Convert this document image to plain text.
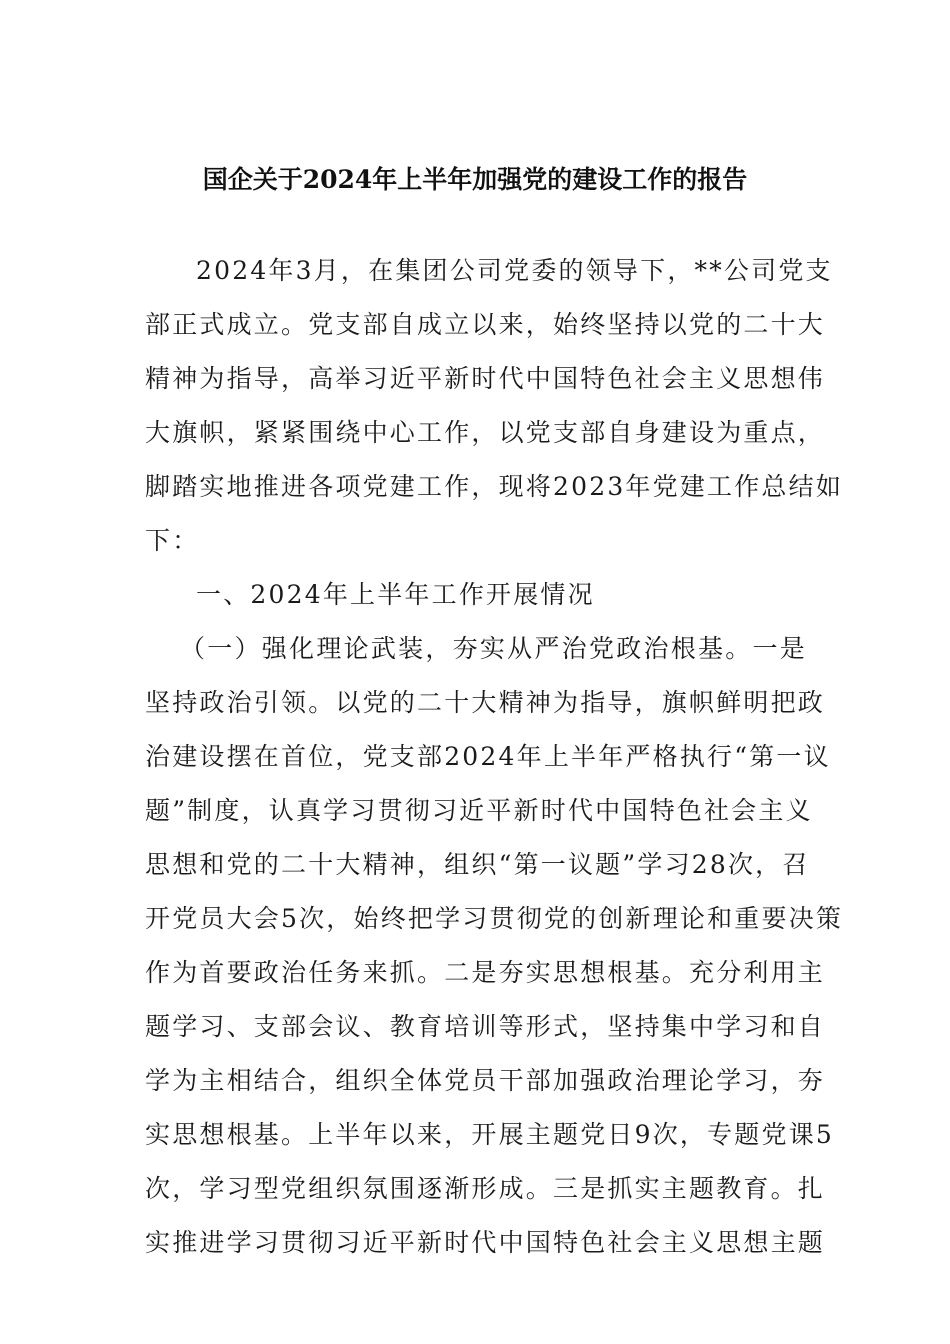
国企关于2024年上半年加强党的建设工作的报告

2024年3月，在集团公司党委的领导下，**公司党支

部正式成立。党支部自成立以来，始终坚持以党的二十大

精神为指导，高举习近平新时代中国特色社会主义思想伟

大旗帜，紧紧围绕中心工作，以党支部自身建设为重点，

脚踏实地推进各项党建工作，现将2023年党建工作总结如

下：

一、2024年上半年工作开展情况

（一）强化理论武装，夯实从严治党政治根基。一是

坚持政治引领。以党的二十大精神为指导，旗帜鲜明把政

治建设摆在首位，党支部2024年上半年严格执行“第一议

题”制度，认真学习贯彻习近平新时代中国特色社会主义

思想和党的二十大精神，组织“第一议题”学习28次，召

开党员大会5次，始终把学习贯彻党的创新理论和重要决策

作为首要政治任务来抓。二是夯实思想根基。充分利用主

题学习、支部会议、教育培训等形式，坚持集中学习和自

学为主相结合，组织全体党员干部加强政治理论学习，夯

实思想根基。上半年以来，开展主题党日9次，专题党课5

次，学习型党组织氛围逐渐形成。三是抓实主题教育。扎

实推进学习贯彻习近平新时代中国特色社会主义思想主题
